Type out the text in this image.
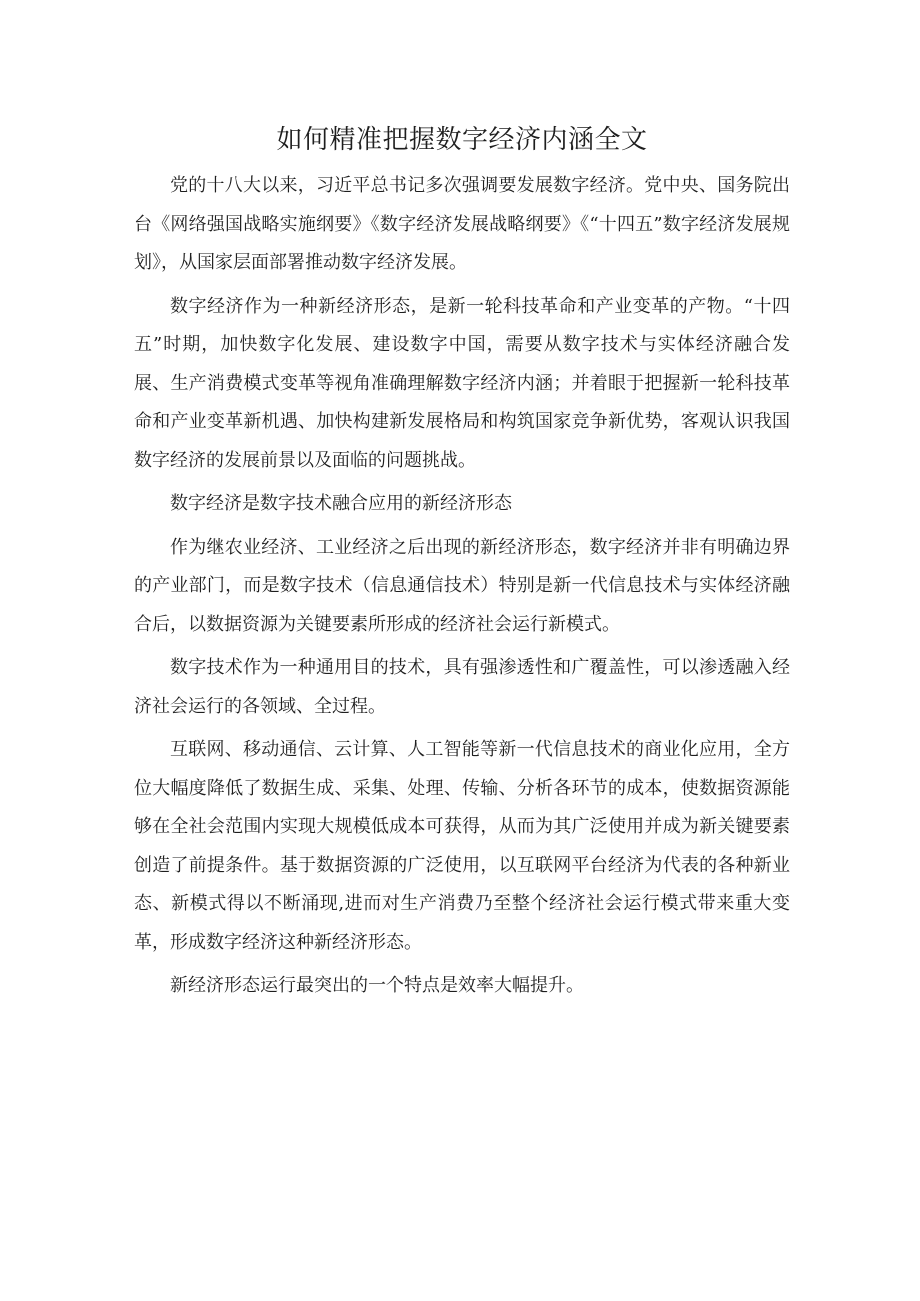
如何精准把握数字经济内涵全文

党的十八大以来，习近平总书记多次强调要发展数字经济。党中央、国务院出台《网络强国战略实施纲要》《数字经济发展战略纲要》《“十四五”数字经济发展规划》，从国家层面部署推动数字经济发展。

数字经济作为一种新经济形态，是新一轮科技革命和产业变革的产物。“十四五”时期，加快数字化发展、建设数字中国，需要从数字技术与实体经济融合发展、生产消费模式变革等视角准确理解数字经济内涵；并着眼于把握新一轮科技革命和产业变革新机遇、加快构建新发展格局和构筑国家竞争新优势，客观认识我国数字经济的发展前景以及面临的问题挑战。

数字经济是数字技术融合应用的新经济形态

作为继农业经济、工业经济之后出现的新经济形态，数字经济并非有明确边界的产业部门，而是数字技术（信息通信技术）特别是新一代信息技术与实体经济融合后，以数据资源为关键要素所形成的经济社会运行新模式。

数字技术作为一种通用目的技术，具有强渗透性和广覆盖性，可以渗透融入经济社会运行的各领域、全过程。

互联网、移动通信、云计算、人工智能等新一代信息技术的商业化应用，全方位大幅度降低了数据生成、采集、处理、传输、分析各环节的成本，使数据资源能够在全社会范围内实现大规模低成本可获得，从而为其广泛使用并成为新关键要素创造了前提条件。基于数据资源的广泛使用，以互联网平台经济为代表的各种新业态、新模式得以不断涌现,进而对生产消费乃至整个经济社会运行模式带来重大变革，形成数字经济这种新经济形态。

新经济形态运行最突出的一个特点是效率大幅提升。
